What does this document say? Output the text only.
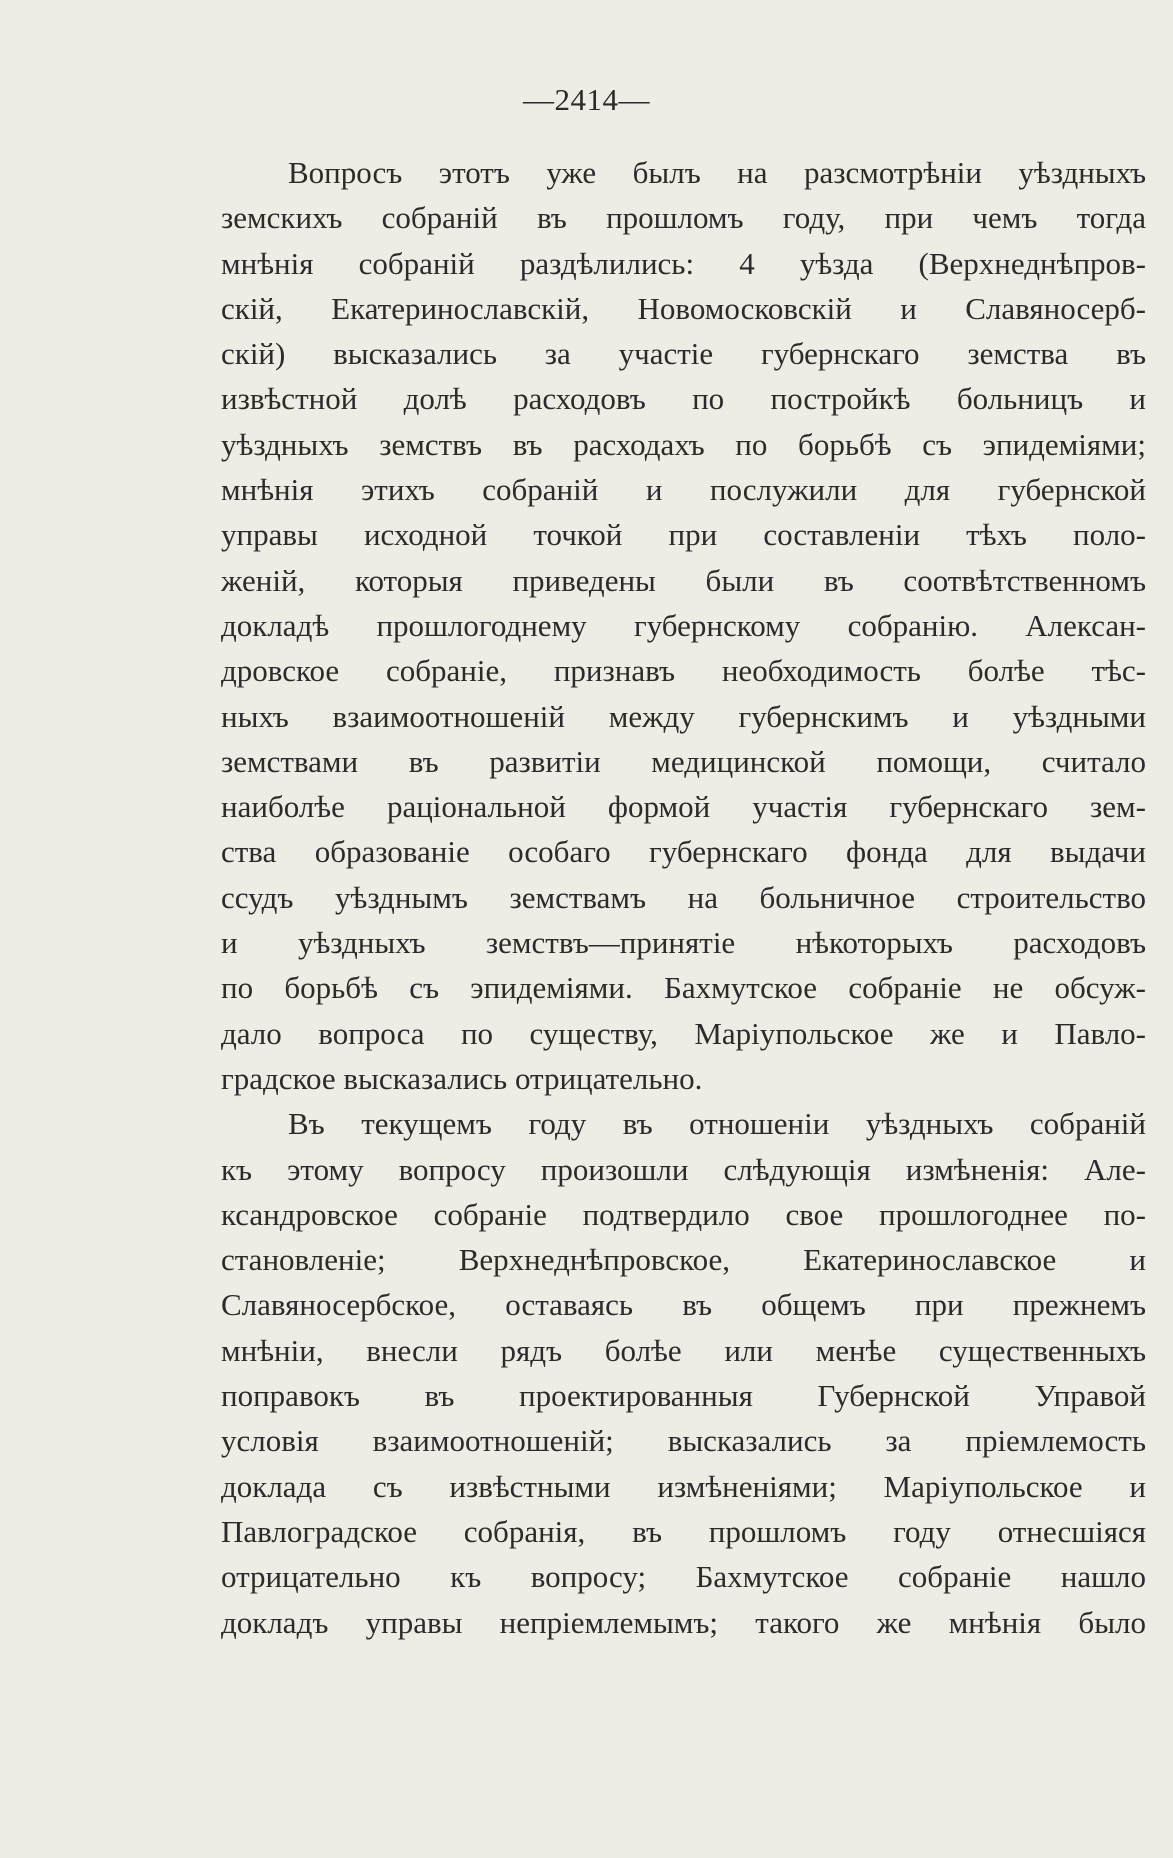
—2414—
Вопросъ этотъ уже былъ на разсмотрѣніи уѣздныхъ
земскихъ собраній въ прошломъ году, при чемъ тогда
мнѣнія собраній раздѣлились: 4 уѣзда (Верхнеднѣпров-
скій, Екатеринославскій, Новомосковскій и Славяносерб-
скій) высказались за участіе губернскаго земства въ
извѣстной долѣ расходовъ по постройкѣ больницъ и
уѣздныхъ земствъ въ расходахъ по борьбѣ съ эпидеміями;
мнѣнія этихъ собраній и послужили для губернской
управы исходной точкой при составленіи тѣхъ поло-
женій, которыя приведены были въ соотвѣтственномъ
докладѣ прошлогоднему губернскому собранію. Алексан-
дровское собраніе, признавъ необходимость болѣе тѣс-
ныхъ взаимоотношеній между губернскимъ и уѣздными
земствами въ развитіи медицинской помощи, считало
наиболѣе раціональной формой участія губернскаго зем-
ства образованіе особаго губернскаго фонда для выдачи
ссудъ уѣзднымъ земствамъ на больничное строительство
и уѣздныхъ земствъ—принятіе нѣкоторыхъ расходовъ
по борьбѣ съ эпидеміями. Бахмутское собраніе не обсуж-
дало вопроса по существу, Маріупольское же и Павло-
градское высказались отрицательно.
Въ текущемъ году въ отношеніи уѣздныхъ собраній
къ этому вопросу произошли слѣдующія измѣненія: Але-
ксандровское собраніе подтвердило свое прошлогоднее по-
становленіе; Верхнеднѣпровское, Екатеринославское и
Славяносербское, оставаясь въ общемъ при прежнемъ
мнѣніи, внесли рядъ болѣе или менѣе существенныхъ
поправокъ въ проектированныя Губернской Управой
условія взаимоотношеній; высказались за пріемлемость
доклада съ извѣстными измѣненіями; Маріупольское и
Павлоградское собранія, въ прошломъ году отнесшіяся
отрицательно къ вопросу; Бахмутское собраніе нашло
докладъ управы непріемлемымъ; такого же мнѣнія было
